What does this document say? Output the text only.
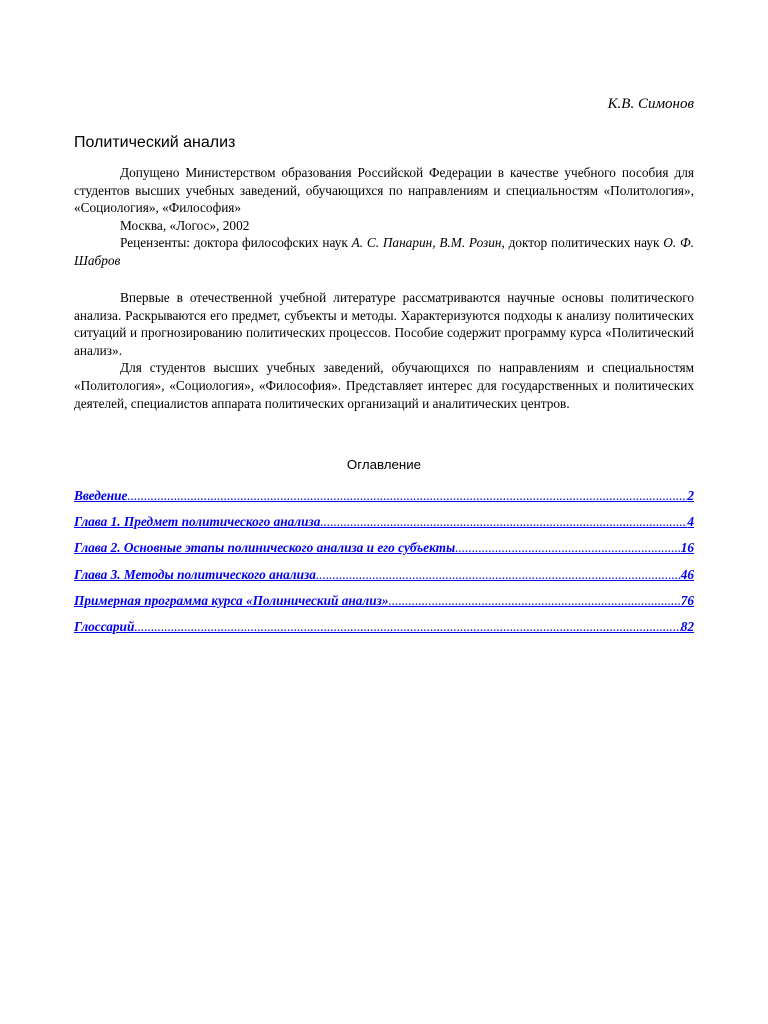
К.В. Симонов
Политический анализ

Допущено Министерством образования Российской Федерации в качестве учебного пособия для студентов высших учебных заведений, обучающихся по направлениям и специальностям «Политология», «Социология», «Философия»

Москва, «Логос», 2002

Рецензенты: доктора философских наук А. С. Панарин, В.М. Розин, доктор политических наук О. Ф. Шабров

Впервые в отечественной учебной литературе рассматриваются научные основы политического анализа. Раскрываются его предмет, субъекты и методы. Характеризуются подходы к анализу политических ситуаций и прогнозированию политических процессов. Пособие содержит программу курса «Политический анализ».

Для студентов высших учебных заведений, обучающихся по направлениям и специальностям «Политология», «Социология», «Философия». Представляет интерес для государственных и политических деятелей, специалистов аппарата политических организаций и аналитических центров.

Оглавление
Введение .....	2
Глава 1. Предмет политического анализа .....	4
Глава 2. Основные этапы полинического анализа и его субъекты .....	16
Глава 3. Методы политического анализа .....	46
Примерная программа курса «Полинический анализ» .....	76
Глоссарий .....	82
